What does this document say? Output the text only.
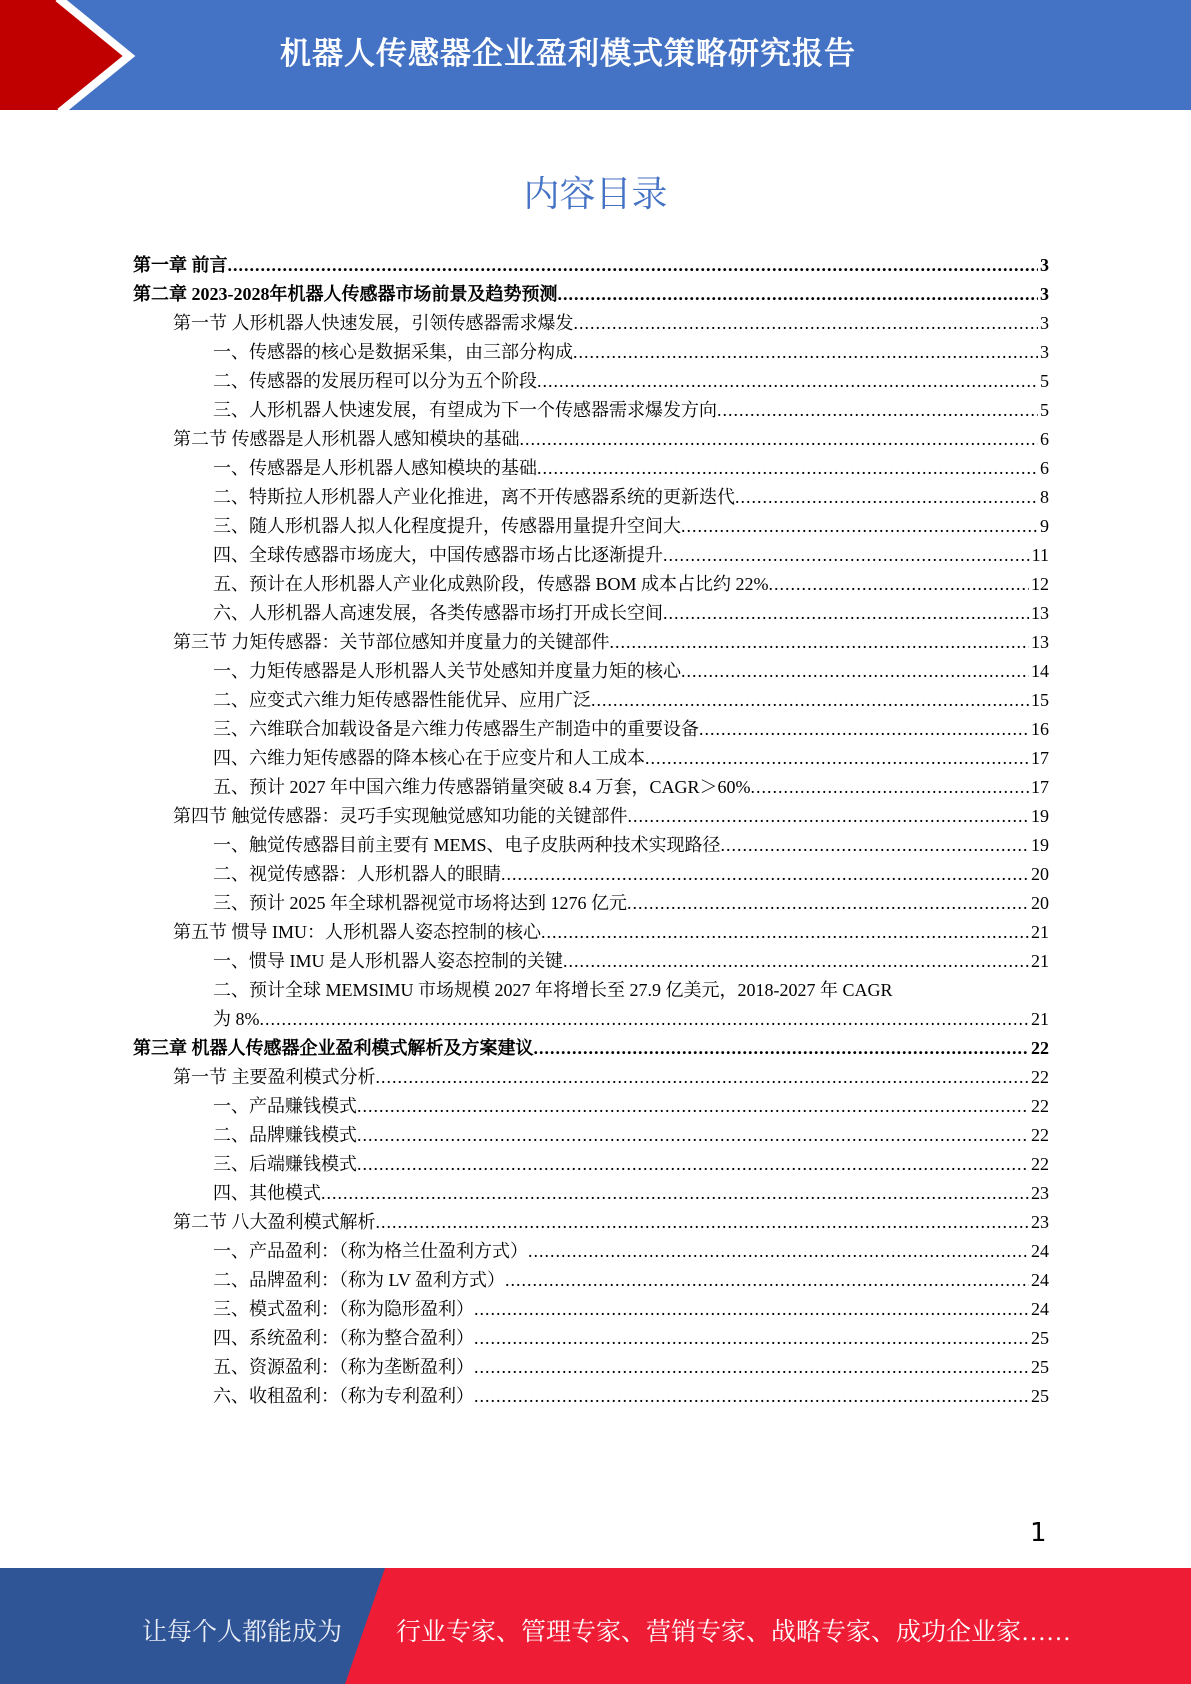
机器人传感器企业盈利模式策略研究报告
内容目录
第一章 前言 .....	3
第二章 2023-2028年机器人传感器市场前景及趋势预测 .....	3
第一节 人形机器人快速发展，引领传感器需求爆发 .....	3
一、传感器的核心是数据采集，由三部分构成 .....	3
二、传感器的发展历程可以分为五个阶段 .....	5
三、人形机器人快速发展，有望成为下一个传感器需求爆发方向 .....	5
第二节 传感器是人形机器人感知模块的基础 .....	6
一、传感器是人形机器人感知模块的基础 .....	6
二、特斯拉人形机器人产业化推进，离不开传感器系统的更新迭代 .....	8
三、随人形机器人拟人化程度提升，传感器用量提升空间大 .....	9
四、全球传感器市场庞大，中国传感器市场占比逐渐提升 .....	11
五、预计在人形机器人产业化成熟阶段，传感器 BOM 成本占比约 22% .....	12
六、人形机器人高速发展，各类传感器市场打开成长空间 .....	13
第三节 力矩传感器：关节部位感知并度量力的关键部件 .....	13
一、力矩传感器是人形机器人关节处感知并度量力矩的核心 .....	14
二、应变式六维力矩传感器性能优异、应用广泛 .....	15
三、六维联合加载设备是六维力传感器生产制造中的重要设备 .....	16
四、六维力矩传感器的降本核心在于应变片和人工成本 .....	17
五、预计 2027 年中国六维力传感器销量突破 8.4 万套，CAGR＞60% .....	17
第四节 触觉传感器：灵巧手实现触觉感知功能的关键部件 .....	19
一、触觉传感器目前主要有 MEMS、电子皮肤两种技术实现路径 .....	19
二、视觉传感器：人形机器人的眼睛 .....	20
三、预计 2025 年全球机器视觉市场将达到 1276 亿元 .....	20
第五节 惯导 IMU：人形机器人姿态控制的核心 .....	21
一、惯导 IMU 是人形机器人姿态控制的关键 .....	21
二、预计全球 MEMSIMU 市场规模 2027 年将增长至 27.9 亿美元，2018-2027 年 CAGR
为 8% .....	21
第三章 机器人传感器企业盈利模式解析及方案建议 .....	22
第一节 主要盈利模式分析 .....	22
一、产品赚钱模式 .....	22
二、品牌赚钱模式 .....	22
三、后端赚钱模式 .....	22
四、其他模式 .....	23
第二节 八大盈利模式解析 .....	23
一、产品盈利：（称为格兰仕盈利方式） .....	24
二、品牌盈利：（称为 LV 盈利方式） .....	24
三、模式盈利：（称为隐形盈利） .....	24
四、系统盈利：（称为整合盈利） .....	25
五、资源盈利：（称为垄断盈利） .....	25
六、收租盈利：（称为专利盈利） .....	25
1
让每个人都能成为 行业专家、管理专家、营销专家、战略专家、成功企业家……
